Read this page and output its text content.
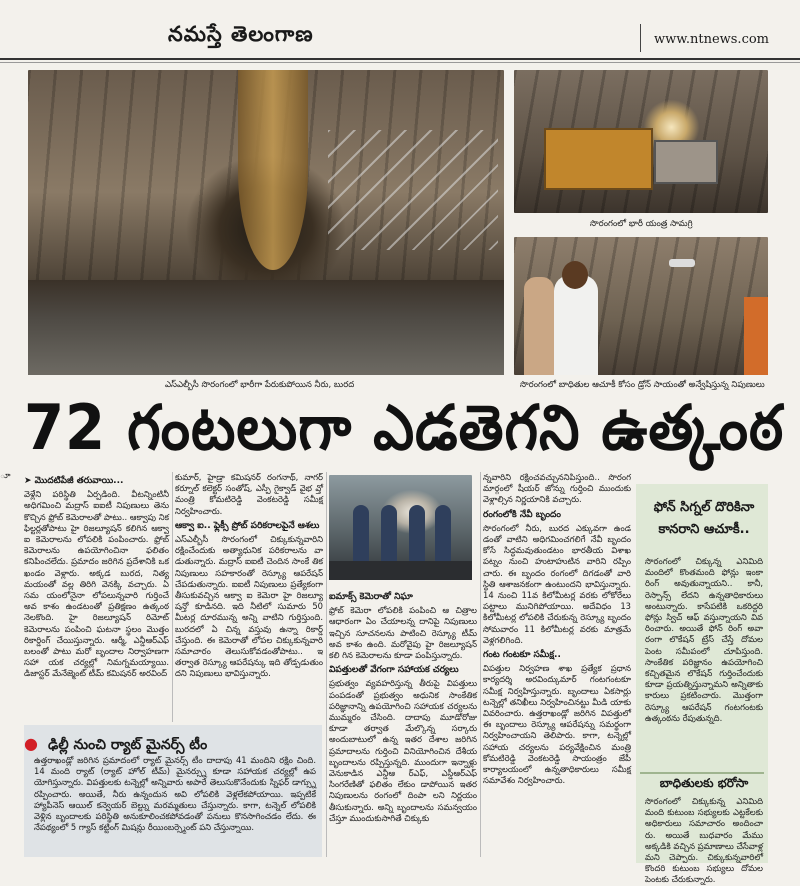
నమస్తే తెలంగాణ	www.ntnews.com
సొరంగంలో భారీ యంత్ర సామగ్రి
ఎస్ఎల్బీసీ సొరంగంలో భారీగా పేరుకుపోయిన నీరు, బురద	సొరంగంలో బాధితుల ఆచూకీ కోసం డ్రోన్ సాయంతో అన్వేషిస్తున్న నిపుణులు
72 గంటలుగా ఎడతెగని ఉత్కంఠ
ూ

➤ మొదటిపేజీ తరువాయి...

వెళ్లేని పరిస్థితి ఏర్పడింది. వీటన్నింటినీ అధిగమించి మద్రాస్ ఐఐటీ నిపుణులు తెను కొచ్చిన ఫ్రోబ్ కెమెరాలతో పాటు.. ఆక్వాపు నిక ఫిల్టర్లతోపాటు హై రిజల్యూషన్ కలిగిన ఆక్వా ఐ కెమెరాలను లోపలికి పంపించారు. ఫ్రోబ్ కెమెరాలను ఉపయోగించినా ఫలితం కనిపించలేదు. ప్రమాదం జరిగిన ప్రదేశానికి ఒక ఖండం వెళ్లారు. అక్కడ బురద, నిత్య మయంతో వల్ల తిరిగి వెనక్కి వచ్చారు. ఏ సమ యంలోనైనా లోపలున్నవారి గుర్తించే అవ కాశం ఉండటంతో ప్రతిక్షణం ఉత్కంఠ నెలకొంది. హై రిజల్యూషన్ రిమోట్ కెమెరాలను పంపించి ఘటనా స్థలం మొత్తం రికార్డింగ్ చేయిస్తున్నారు. ఆర్మీ, ఎన్డీఆర్ఎఫ్ బలంతో పాటు మరో బృందాల నిర్వాహణగా సహా యక చర్యల్లో నిమగ్నమయ్యాయి. డిజాస్టర్ మేనేజ్మెంట్ టీమ్ కమిషనర్ అరవింద్

కుమార్, హైడ్రా కమిషనర్ రంగనాథ్, నాగర్ కర్నూల్ కలెక్టర్ సంతోష్, ఎస్పీ గైక్వాడ్ వైభ వ్తో మంత్రి కోమటిరెడ్డి వెంకటరెడ్డి సమీక్ష నిర్వహించారు.

ఆక్వా ఐ.. ఫ్లెక్సీ ప్రోబ్ పరికరాలపైనే ఆశలు

ఎస్ఎల్బీసీ సొరంగంలో చిక్కుకున్నవారిని రక్షించేందుకు అత్యాధునిక పరికరాలను వా డుతున్నారు. మద్రాస్ ఐఐటీ చెందిన సాంకే తిక నిపుణులు సహకారంతో రెస్క్యూ ఆపరేషన్ చేపడుతున్నారు. ఐఐటీ నిపుణులు ప్రత్యేకంగా తీసుకువచ్చిన ఆక్వా ఐ కెమెరా హై రిజల్యూ షన్తో కూడినది. ఇది నీటిలో సుమారు 50 మీటర్ల దూరమున్న అన్ని వాటిని గుర్తిస్తుంది. బురదలో ఏ చిన్న వస్తువు ఉన్నా రికార్డ్ చేస్తుంది. ఈ కెమెరాతో లోపల చిక్కుకున్నవారి సమాచారం తెలుసుకోవడంతోపాటు.. ఇ తర్వాత రెస్క్యూ ఆపరేషన్కు ఇది తోడ్పడుతుం దని నిపుణులు భావిస్తున్నారు.

ఐమాక్స్ కెమెరాతో నిఘా

ఫ్రోబ్ కెమెరా లోపలికి పంపించి ఆ చిత్రాల ఆధారంగా ఏం చేయాలన్న దానిపై నిపుణులు ఇచ్చిన సూచనలను పాటించి రెస్క్యూ టీమ్ అవ కాశం ఉంది. మరోవైపు హై రిజల్యూషన్ కలి గిన కెమెరాలను కూడా పంపిస్తున్నారు.

విపత్తులతో వేగంగా సహాయక చర్యలు

ప్రభుత్వం వ్యవహరిస్తున్న తీరుపై విపత్తులు పంపడంతో ప్రభుత్వం అధునిక సాంకేతిక పరిజ్ఞానాన్ని ఉపయోగించి సహాయక చర్యలను ముమ్మరం చేసింది. దాదాపు మూడోరోజు కూడా తర్వాత మేల్కొన్న సర్కారు అందుబాటులో ఉన్న ఇతర దేశాల జరిగిన ప్రమాదాలను గుర్తించి వినియోగించిన దేశీయ బృందాలను రప్పిస్తున్నది. ముందుగా ఇన్నాళ్లు వెనుకాడిన ఎన్డీఆ ర్ఎఫ్, ఎస్డీఆర్ఎఫ్ సింగరేణితో ఫలితం లేకుం డాపోయిన ఇతర నిపుణులను రంగంలో దింపా లని నిర్ణయం తీసుకున్నారు. అన్ని బృందాలను సమన్వయం చేస్తూ ముందుకుసాగితే చిక్కుకు

న్నవారిని రక్షించవచ్చుననిపిస్తుంది.. సొరంగ మార్గంలో షీయర్ జోన్ను గుర్తించి ముందుకు వెళ్లాల్సిన నిర్ణయానికి వచ్చారు.

రంగంలోకి నేవీ బృందం

సొరంగంలో నీరు, బురద ఎక్కువగా ఉండ డంతో వాటిని అధిగమించగలిగే నేవీ బృందం కోసే సిద్ధమవుతుండటం భారతీయ విశాఖ పట్నం నుంచి హుటాహుటిన వారిని రప్పిం చారు. ఈ బృందం రంగంలో దిగడంతో వారి స్థితి ఆశాజనకంగా ఉంటుందని భావిస్తున్నారు. 14 నుంచి 11వ కిలోమీటర్ల వరకు లోకోరేలు పట్టాలు మునిగిపోయాయి. అదేవిధం 13 కిలోమీటర్ల లోపలికి చేరుకున్న రెస్క్యూ బృందం సోమవారం 11 కిలోమీటర్ల వరకు మాత్రమే వెళ్లగలిగింది.

గంట గంటకూ సమీక్ష..

విపత్తుల నిర్వహణ శాఖ ప్రత్యేక ప్రధాన కార్యదర్శి అరవింద్కుమార్ గంటగంటకూ సమీక్ష నిర్వహిస్తున్నారు. బృందాలు ఏకసార్లు టన్నెల్లో తనిఖీలు నిర్వహించినట్టు మీడి యాకు వివరించారు. ఉత్తరాఖండ్లో జరిగిన విపత్తులో ఈ బృందాలు రెస్క్యూ ఆపరేషన్ను సమర్థంగా నిర్వహించాయని తెలిపారు. కాగా, టన్నెల్లో సహాయ చర్యలను పర్యవేక్షించిన మంత్రి కోమటిరెడ్డి వెంకటరెడ్డి సాయంత్రం జేపీ కార్యాలయంలో ఉన్నతాధికారులు సమీక్ష సమావేశం నిర్వహించారు.

ఉత్తరాఖండ్లో జరిగిన ప్రమాదంలో ర్యాట్ మైనర్స్ టీం దాదాపు 41 మందిని రక్షిం చింది. 14 మంది ర్యాట్ (ర్యాట్ హోల్ టీమ్) మైనర్స్ను కూడా సహాయక చర్యల్లో ఉప యోగిస్తున్నారు. విపత్తులకు టన్నెల్లో అన్నివారు అపారే తెలుసుకొనేందుకు స్నిఫర్ డాగ్స్ను రప్పించారు. అయితే, నీరు ఉన్నందున అవి లోపలికి వెళ్లలేకపోయాయి. ఇప్పటికే హ్యాపీనెస్ ఆయిల్ కన్వెయర్ బెల్ట్ను మరమ్మతులు చేస్తున్నారు. కాగా, టన్నెల్ లోపలికి వెళ్లిన బృందాలకు పరిస్థితి అనుకూలించకపోవడంతో పనులు కొనసాగించడం లేదు. ఈ నేపథ్యంలో 5 గ్యాస్ కట్టింగ్ మిషన్లు రీయింబర్స్మెంట్ పని చేస్తున్నాయి.
● ఢిల్లీ నుంచి ర్యాట్ మైనర్స్ టీం
ఫోన్ సిగ్నల్ దొరికినా
కానరాని ఆచూకీ..

సొరంగంలో చిక్కున్న ఎనిమిది మందిలో కొంతమంది ఫోన్లు ఇంకా రింగ్ అవుతున్నాయని.. కానీ, రెస్పాన్స్ లేదని ఉన్నతాధికారులు అంటున్నారు. కాసేపటికి ఒకరిద్దరి ఫోన్లు స్విచ్ ఆఫ్ వస్తున్నాయని వివ రించారు. అయితే ఫోన్ రింగ్ అవా రంగా లొకేషన్ ట్రేస్ చేస్తే దోమల పెంట సమీపంలో చూపిస్తుంది. సాంకేతిక పరిజ్ఞానం ఉపయోగించి కచ్చితమైన లొకేషన్ గుర్తించేందుకు కూడా ప్రయత్నిస్తున్నామని అన్నితాకు కారులు ప్రకటించారు. మొత్తంగా రెస్క్యూ ఆపరేషన్ గంటగంటకు ఉత్కంఠను రేపుతున్నది.

బాధితులకు భరోసా

సొరంగంలో చిక్కుకున్న ఎనిమిది మంది కుటుంబ సభ్యులకు ఎట్టకేలకు అధికారులు సమాచారం అందించా రు. అయితే బుధవారం మేము అక్కడికి వచ్చిన ప్రమాణాలు చేసేవాళ్ల మని చెప్పారు. చిక్కుకున్నవారిలో కొందరి కుటుంబ సభ్యులు దోమల పెంటకు చేరుకున్నారు.
